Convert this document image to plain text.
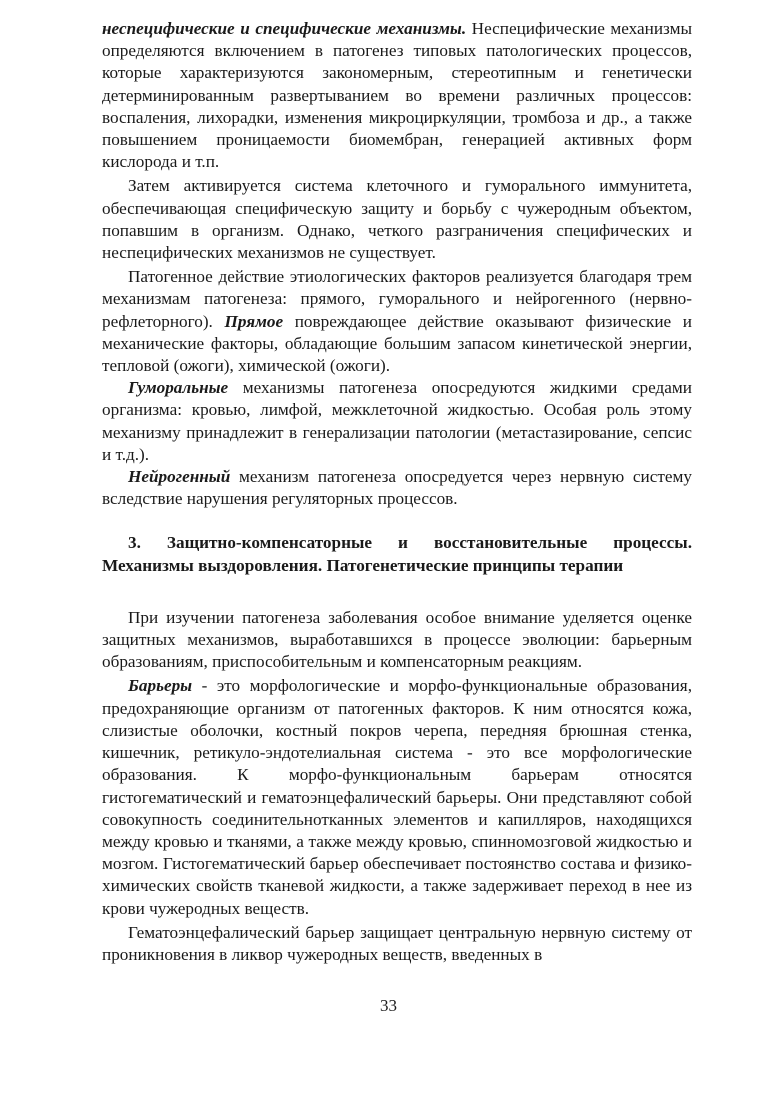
неспецифические и специфические механизмы. Неспецифические механизмы определяются включением в патогенез типовых патологических процессов, которые характеризуются закономерным, стереотипным и генетически детерминированным развертыванием во времени различных процессов: воспаления, лихорадки, изменения микроциркуляции, тромбоза и др., а также повышением проницаемости биомембран, генерацией активных форм кислорода и т.п.

Затем активируется система клеточного и гуморального иммунитета, обеспечивающая специфическую защиту и борьбу с чужеродным объектом, попавшим в организм. Однако, четкого разграничения специфических и неспецифических механизмов не существует.

Патогенное действие этиологических факторов реализуется благодаря трем механизмам патогенеза: прямого, гуморального и нейрогенного (нервно-рефлеторного). Прямое повреждающее действие оказывают физические и механические факторы, обладающие большим запасом кинетической энергии, тепловой (ожоги), химической (ожоги).

Гуморальные механизмы патогенеза опосредуются жидкими средами организма: кровью, лимфой, межклеточной жидкостью. Особая роль этому механизму принадлежит в генерализации патологии (метастазирование, сепсис и т.д.).

Нейрогенный механизм патогенеза опосредуется через нервную систему вследствие нарушения регуляторных процессов.

3. Защитно-компенсаторные и восстановительные процессы. Механизмы выздоровления. Патогенетические принципы терапии

При изучении патогенеза заболевания особое внимание уделяется оценке защитных механизмов, выработавшихся в процессе эволюции: барьерным образованиям, приспособительным и компенсаторным реакциям.

Барьеры - это морфологические и морфо-функциональные образования, предохраняющие организм от патогенных факторов. К ним относятся кожа, слизистые оболочки, костный покров черепа, передняя брюшная стенка, кишечник, ретикуло-эндотелиальная система - это все морфологические образования. К морфо-функциональным барьерам относятся гистогематический и гематоэнцефалический барьеры. Они представляют собой совокупность соединительнотканных элементов и капилляров, находящихся между кровью и тканями, а также между кровью, спинномозговой жидкостью и мозгом. Гистогематический барьер обеспечивает постоянство состава и физико-химических свойств тканевой жидкости, а также задерживает переход в нее из крови чужеродных веществ.

Гематоэнцефалический барьер защищает центральную нервную систему от проникновения в ликвор чужеродных веществ, введенных в

33
